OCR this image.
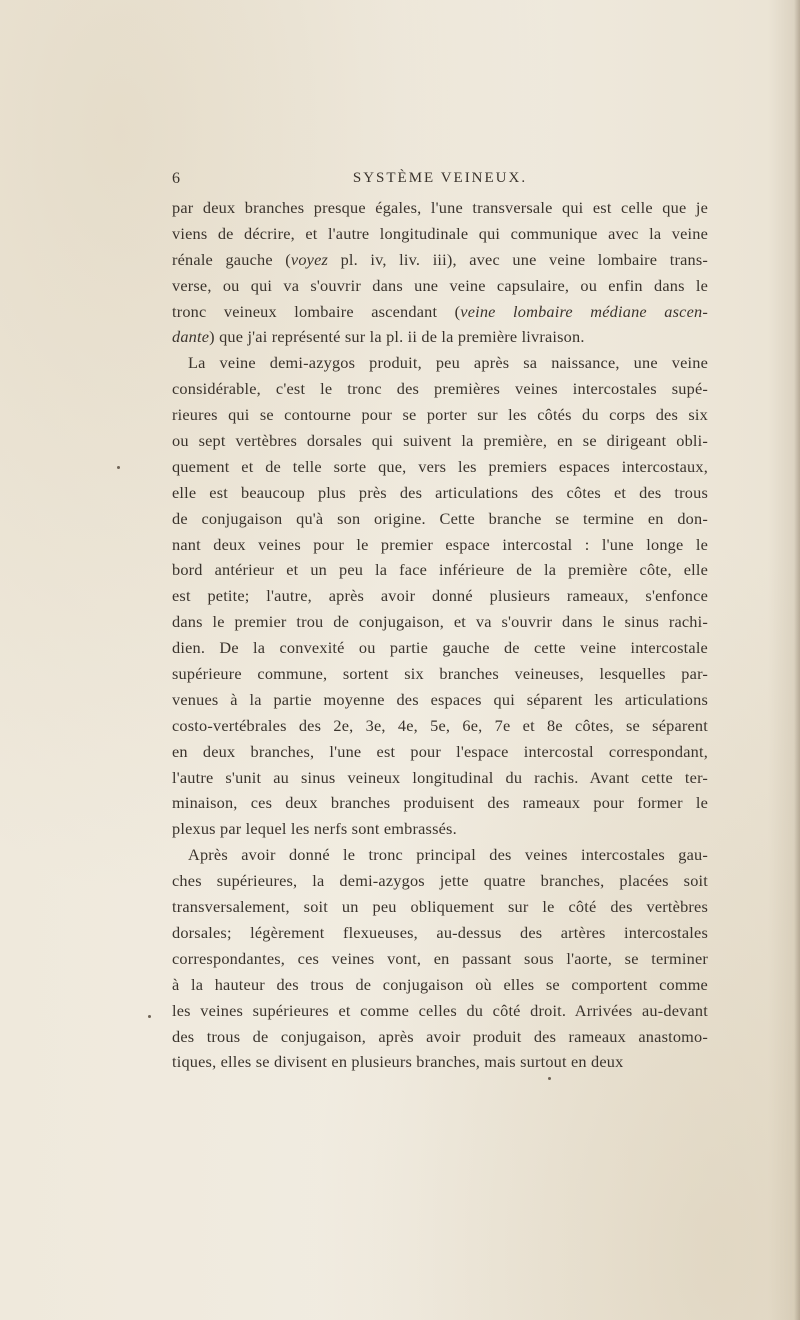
6	SYSTÈME VEINEUX.
par deux branches presque égales, l'une transversale qui est celle que je
viens de décrire, et l'autre longitudinale qui communique avec la veine
rénale gauche (voyez pl. iv, liv. iii), avec une veine lombaire trans-
verse, ou qui va s'ouvrir dans une veine capsulaire, ou enfin dans le
tronc veineux lombaire ascendant (veine lombaire médiane ascen-
dante) que j'ai représenté sur la pl. ii de la première livraison.
La veine demi-azygos produit, peu après sa naissance, une veine
considérable, c'est le tronc des premières veines intercostales supé-
rieures qui se contourne pour se porter sur les côtés du corps des six
ou sept vertèbres dorsales qui suivent la première, en se dirigeant obli-
quement et de telle sorte que, vers les premiers espaces intercostaux,
elle est beaucoup plus près des articulations des côtes et des trous
de conjugaison qu'à son origine. Cette branche se termine en don-
nant deux veines pour le premier espace intercostal : l'une longe le
bord antérieur et un peu la face inférieure de la première côte, elle
est petite; l'autre, après avoir donné plusieurs rameaux, s'enfonce
dans le premier trou de conjugaison, et va s'ouvrir dans le sinus rachi-
dien. De la convexité ou partie gauche de cette veine intercostale
supérieure commune, sortent six branches veineuses, lesquelles par-
venues à la partie moyenne des espaces qui séparent les articulations
costo-vertébrales des 2e, 3e, 4e, 5e, 6e, 7e et 8e côtes, se séparent
en deux branches, l'une est pour l'espace intercostal correspondant,
l'autre s'unit au sinus veineux longitudinal du rachis. Avant cette ter-
minaison, ces deux branches produisent des rameaux pour former le
plexus par lequel les nerfs sont embrassés.
Après avoir donné le tronc principal des veines intercostales gau-
ches supérieures, la demi-azygos jette quatre branches, placées soit
transversalement, soit un peu obliquement sur le côté des vertèbres
dorsales; légèrement flexueuses, au-dessus des artères intercostales
correspondantes, ces veines vont, en passant sous l'aorte, se terminer
à la hauteur des trous de conjugaison où elles se comportent comme
les veines supérieures et comme celles du côté droit. Arrivées au-devant
des trous de conjugaison, après avoir produit des rameaux anastomo-
tiques, elles se divisent en plusieurs branches, mais surtout en deux
